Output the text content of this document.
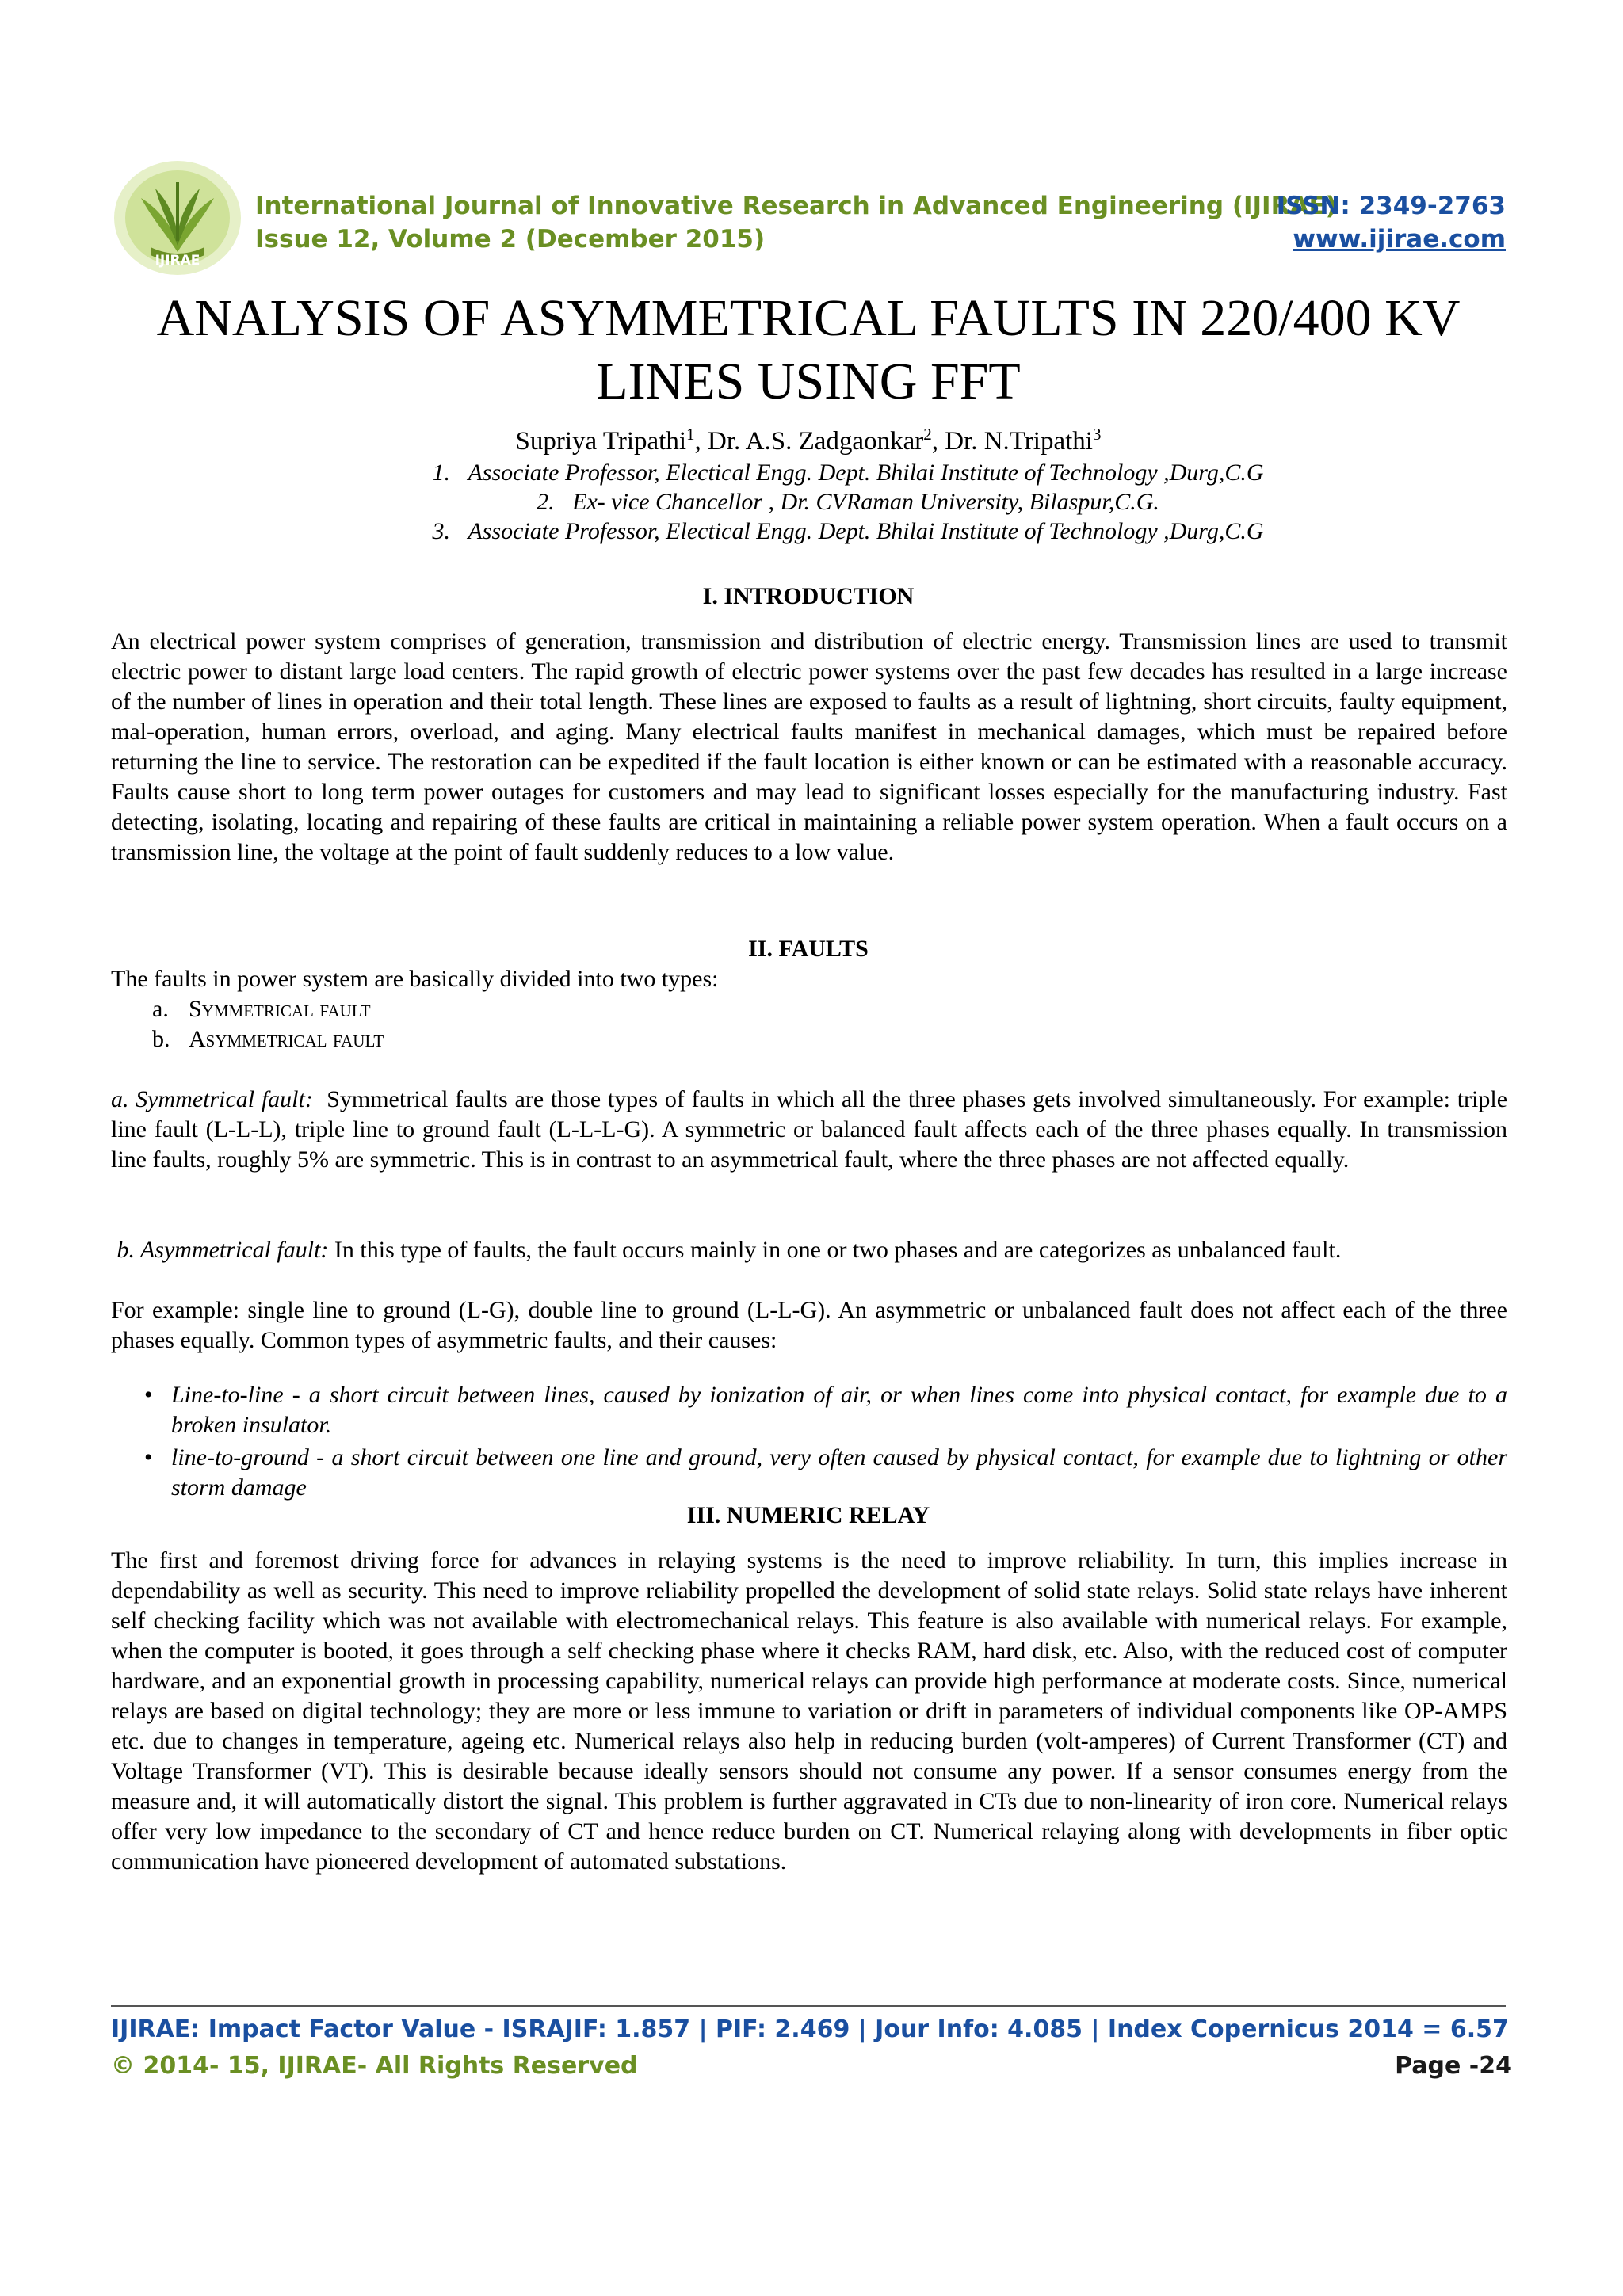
IJIRAE
International Journal of Innovative Research in Advanced Engineering (IJIRAE)
Issue 12, Volume 2 (December 2015)
ISSN: 2349-2763
www.ijirae.com
ANALYSIS OF ASYMMETRICAL FAULTS IN 220/400 KV
LINES USING FFT
Supriya Tripathi$^1$, Dr. A.S. Zadgaonkar$^2$, Dr. N.Tripathi$^3$
1. Associate Professor, Electical Engg. Dept. Bhilai Institute of Technology ,Durg,C.G
2. Ex- vice Chancellor , Dr. CVRaman University, Bilaspur,C.G.
3. Associate Professor, Electical Engg. Dept. Bhilai Institute of Technology ,Durg,C.G
I. INTRODUCTION

An electrical power system comprises of generation, transmission and distribution of electric energy. Transmission lines are used to transmit electric power to distant large load centers. The rapid growth of electric power systems over the past few decades has resulted in a large increase of the number of lines in operation and their total length. These lines are exposed to faults as a result of lightning, short circuits, faulty equipment, mal-operation, human errors, overload, and aging. Many electrical faults manifest in mechanical damages, which must be repaired before returning the line to service. The restoration can be expedited if the fault location is either known or can be estimated with a reasonable accuracy. Faults cause short to long term power outages for customers and may lead to significant losses especially for the manufacturing industry. Fast detecting, isolating, locating and repairing of these faults are critical in maintaining a reliable power system operation. When a fault occurs on a transmission line, the voltage at the point of fault suddenly reduces to a low value.

II. FAULTS

The faults in power system are basically divided into two types:

a. Symmetrical fault
b. Asymmetrical fault

a. Symmetrical fault: Symmetrical faults are those types of faults in which all the three phases gets involved simultaneously. For example: triple line fault (L-L-L), triple line to ground fault (L-L-L-G). A symmetric or balanced fault affects each of the three phases equally. In transmission line faults, roughly 5% are symmetric. This is in contrast to an asymmetrical fault, where the three phases are not affected equally.

b. Asymmetrical fault: In this type of faults, the fault occurs mainly in one or two phases and are categorizes as unbalanced fault.

For example: single line to ground (L-G), double line to ground (L-L-G). An asymmetric or unbalanced fault does not affect each of the three phases equally. Common types of asymmetric faults, and their causes:

• Line-to-line - a short circuit between lines, caused by ionization of air, or when lines come into physical contact, for example due to a broken insulator.
• line-to-ground - a short circuit between one line and ground, very often caused by physical contact, for example due to lightning or other storm damage
III. NUMERIC RELAY

The first and foremost driving force for advances in relaying systems is the need to improve reliability. In turn, this implies increase in dependability as well as security. This need to improve reliability propelled the development of solid state relays. Solid state relays have inherent self checking facility which was not available with electromechanical relays. This feature is also available with numerical relays. For example, when the computer is booted, it goes through a self checking phase where it checks RAM, hard disk, etc. Also, with the reduced cost of computer hardware, and an exponential growth in processing capability, numerical relays can provide high performance at moderate costs. Since, numerical relays are based on digital technology; they are more or less immune to variation or drift in parameters of individual components like OP-AMPS etc. due to changes in temperature, ageing etc. Numerical relays also help in reducing burden (volt-amperes) of Current Transformer (CT) and Voltage Transformer (VT). This is desirable because ideally sensors should not consume any power. If a sensor consumes energy from the measure and, it will automatically distort the signal. This problem is further aggravated in CTs due to non-linearity of iron core. Numerical relays offer very low impedance to the secondary of CT and hence reduce burden on CT. Numerical relaying along with developments in fiber optic communication have pioneered development of automated substations.

IJIRAE: Impact Factor Value - ISRAJIF: 1.857 | PIF: 2.469 | Jour Info: 4.085 | Index Copernicus 2014 = 6.57
© 2014- 15, IJIRAE- All Rights Reserved	Page -24
